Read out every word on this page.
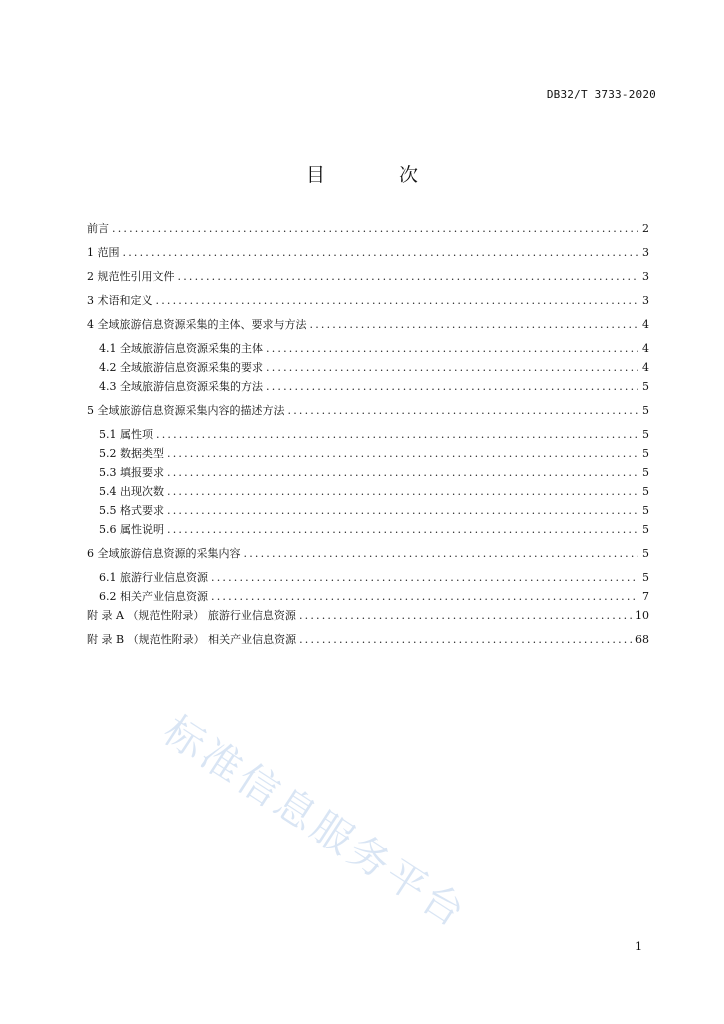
DB32/T 3733-2020
目 次
前言 .....	2
1 范围 .....	3
2 规范性引用文件 .....	3
3 术语和定义 .....	3
4 全域旅游信息资源采集的主体、要求与方法 .....	4
4.1 全域旅游信息资源采集的主体 .....	4
4.2 全域旅游信息资源采集的要求 .....	4
4.3 全域旅游信息资源采集的方法 .....	5
5 全域旅游信息资源采集内容的描述方法 .....	5
5.1 属性项 .....	5
5.2 数据类型 .....	5
5.3 填报要求 .....	5
5.4 出现次数 .....	5
5.5 格式要求 .....	5
5.6 属性说明 .....	5
6 全域旅游信息资源的采集内容 .....	5
6.1 旅游行业信息资源 .....	5
6.2 相关产业信息资源 .....	7
附 录 A （规范性附录） 旅游行业信息资源 .....	10
附 录 B （规范性附录） 相关产业信息资源 .....	68
标准信息服务平台
1
